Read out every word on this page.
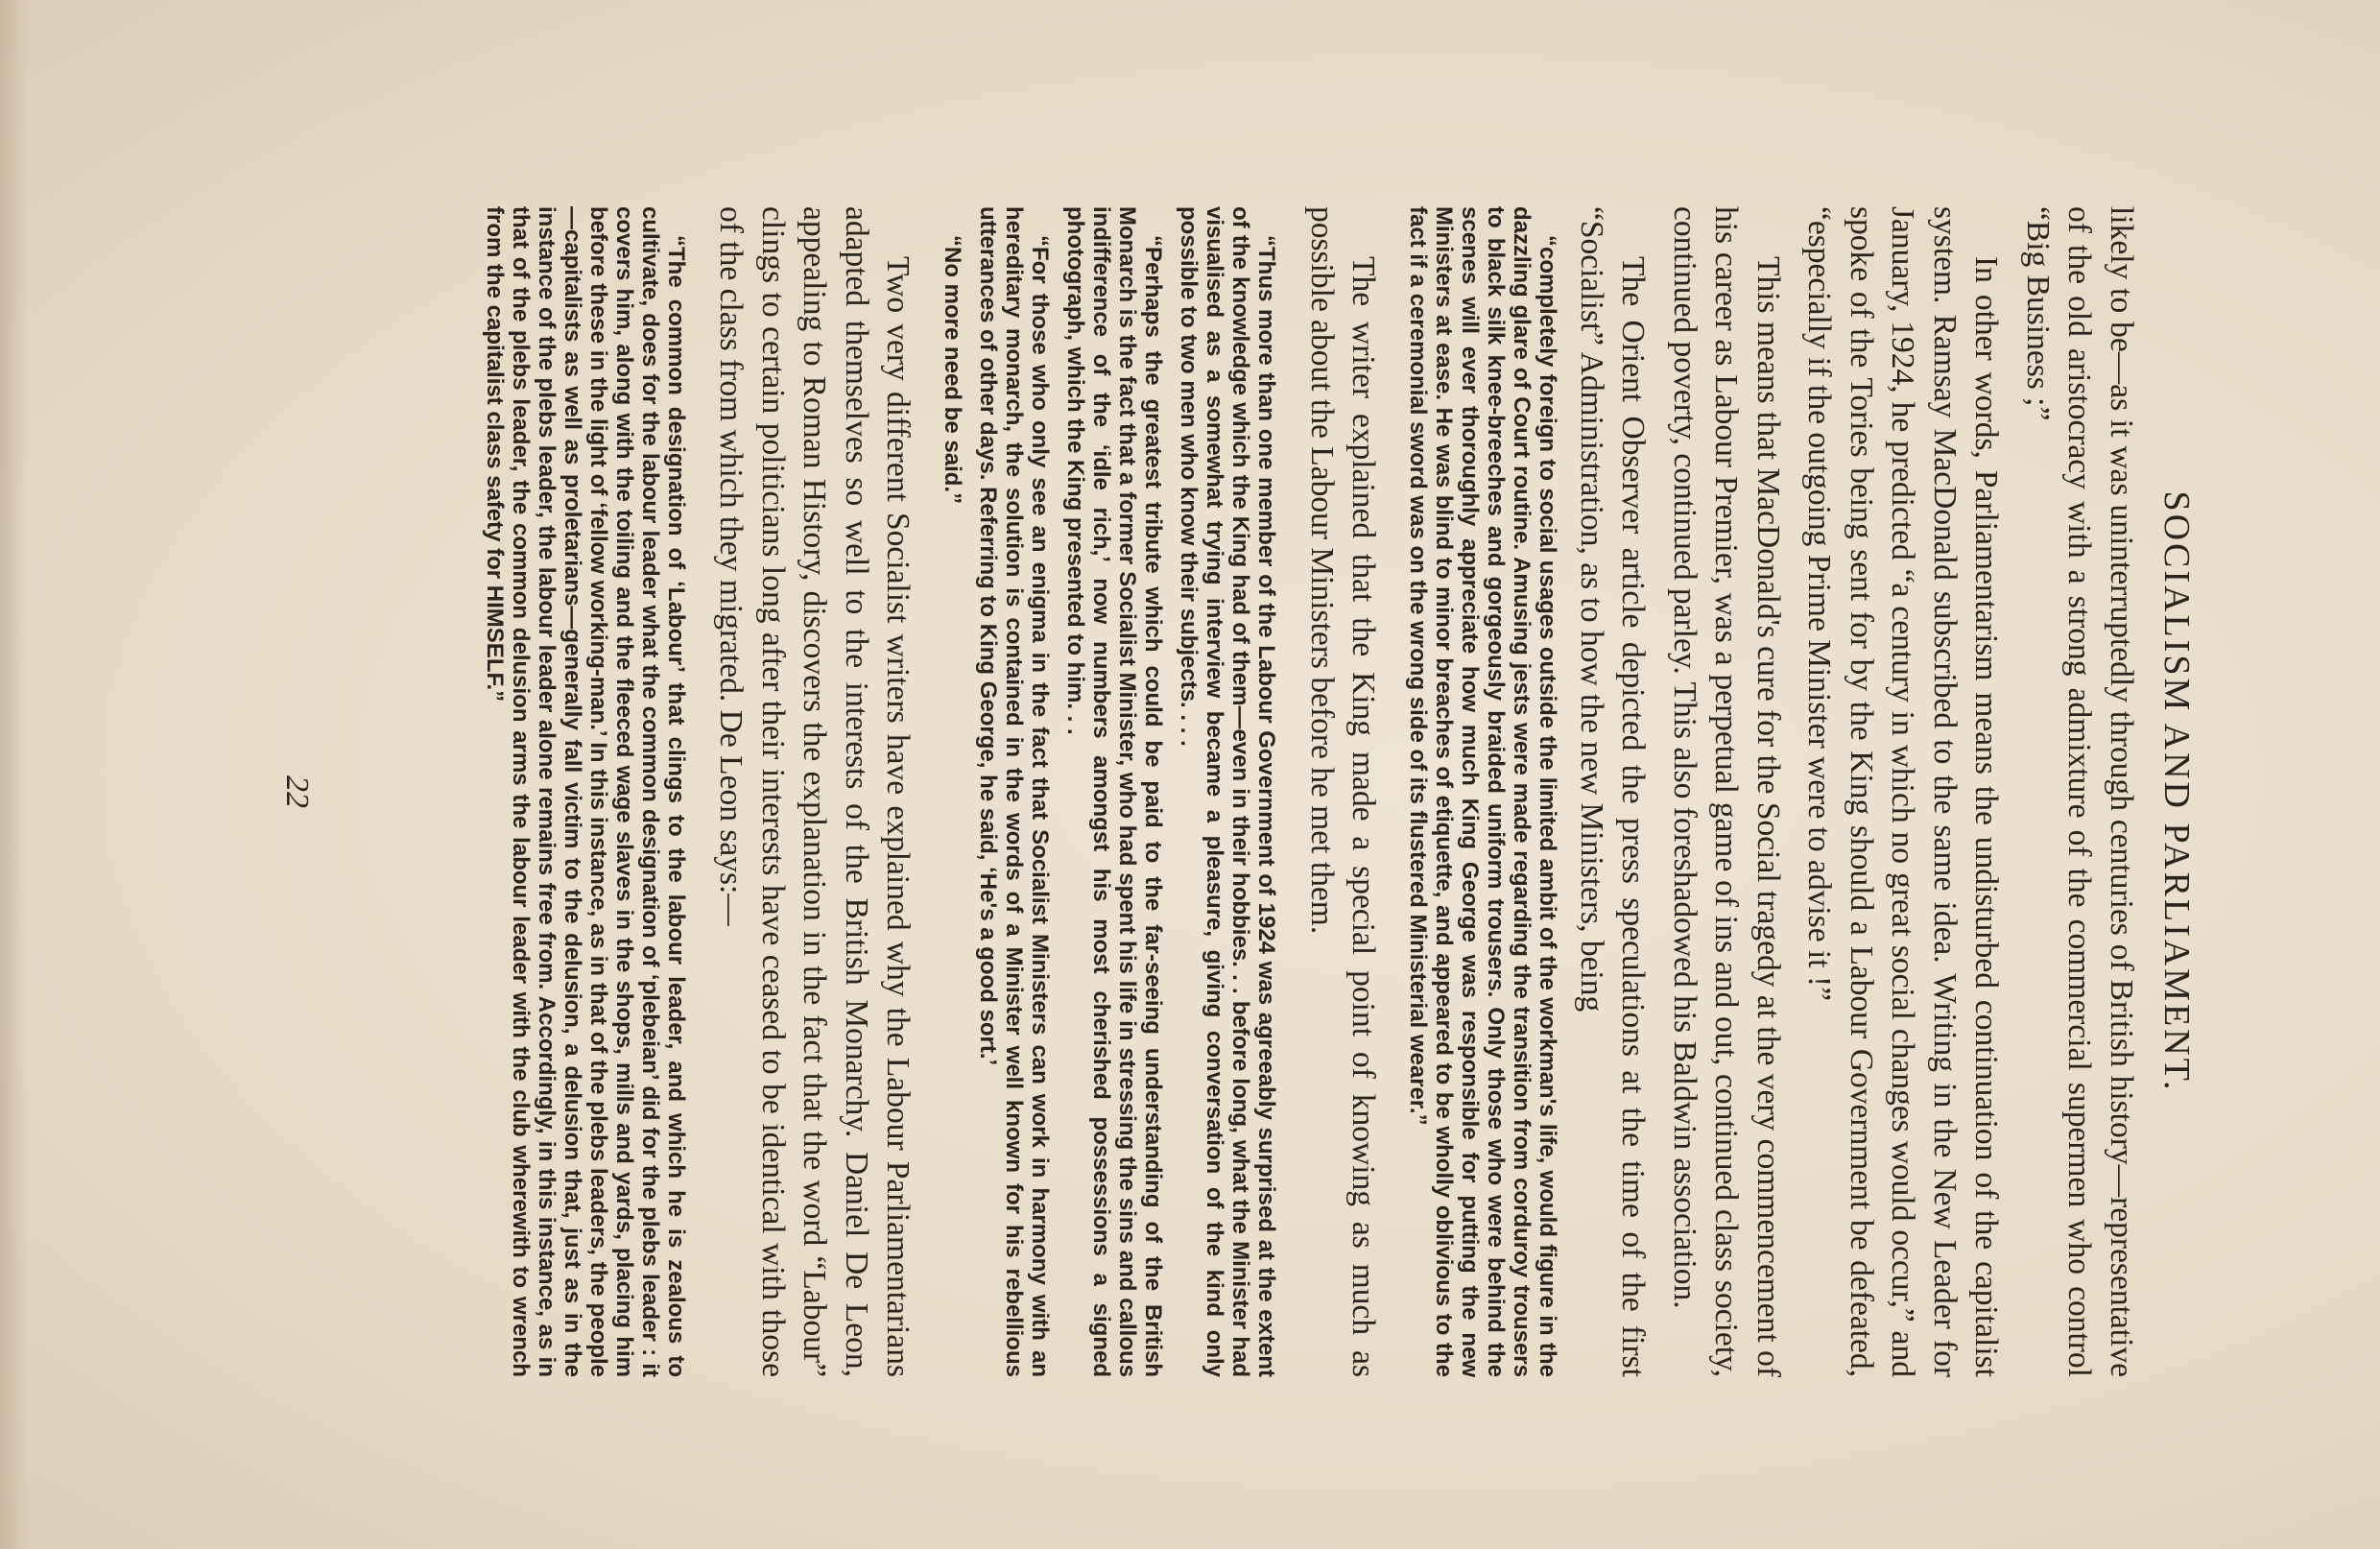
SOCIALISM AND PARLIAMENT.

likely to be—as it was uninterruptedly through centuries of British history—representative of the old aristocracy with a strong admixture of the commercial supermen who control “Big Business ;”

In other words, Parliamentarism means the undisturbed continuation of the capitalist system. Ramsay MacDonald subscribed to the same idea. Writing in the New Leader for January, 1924, he predicted “a century in which no great social changes would occur,” and spoke of the Tories being sent for by the King should a Labour Government be defeated, “especially if the outgoing Prime Minister were to advise it !”

This means that MacDonald's cure for the Social tragedy at the very commencement of his career as Labour Premier, was a perpetual game of ins and out, continued class society, continued poverty, continued parley. This also foreshadowed his Baldwin association.

The Orient Observer article depicted the press speculations at the time of the first “Socialist” Administration, as to how the new Ministers, being

“completely foreign to social usages outside the limited ambit of the workman's life, would figure in the dazzling glare of Court routine. Amusing jests were made regarding the transition from corduroy trousers to black silk knee-breeches and gorgeously braided uniform trousers. Only those who were behind the scenes will ever thoroughly appreciate how much King George was responsible for putting the new Ministers at ease. He was blind to minor breaches of etiquette, and appeared to be wholly oblivious to the fact if a ceremonial sword was on the wrong side of its flustered Ministerial wearer.”

The writer explained that the King made a special point of knowing as much as possible about the Labour Ministers before he met them.

“Thus more than one member of the Labour Government of 1924 was agreeably surprised at the extent of the knowledge which the King had of them—even in their hobbies. . . before long, what the Minister had visualised as a somewhat trying interview became a pleasure, giving conversation of the kind only possible to two men who know their subjects. . . .

“Perhaps the greatest tribute which could be paid to the far-seeing understanding of the British Monarch is the fact that a former Socialist Minister, who had spent his life in stressing the sins and callous indifference of the ‘idle rich,’ now numbers amongst his most cherished possessions a signed photograph, which the King presented to him. . .

“For those who only see an enigma in the fact that Socialist Ministers can work in harmony with an hereditary monarch, the solution is contained in the words of a Minister well known for his rebellious utterances of other days. Referring to King George, he said, ‘He's a good sort.’

“No more need be said.”

Two very different Socialist writers have explained why the Labour Parliamentarians adapted themselves so well to the interests of the British Monarchy. Daniel De Leon, appealing to Roman History, discovers the explanation in the fact that the word “Labour” clings to certain politicians long after their interests have ceased to be identical with those of the class from which they migrated. De Leon says:—

“The common designation of ‘Labour’ that clings to the labour leader, and which he is zealous to cultivate, does for the labour leader what the common designation of ‘plebeian’ did for the plebs leader : it covers him, along with the toiling and the fleeced wage slaves in the shops, mills and yards, placing him before these in the light of ‘fellow working-man.’ In this instance, as in that of the plebs leaders, the people—capitalists as well as proletarians—generally fall victim to the delusion, a delusion that, just as in the instance of the plebs leader, the labour leader alone remains free from. Accordingly, in this instance, as in that of the plebs leader, the common delusion arms the labour leader with the club wherewith to wrench from the capitalist class safety for HIMSELF.”

22
